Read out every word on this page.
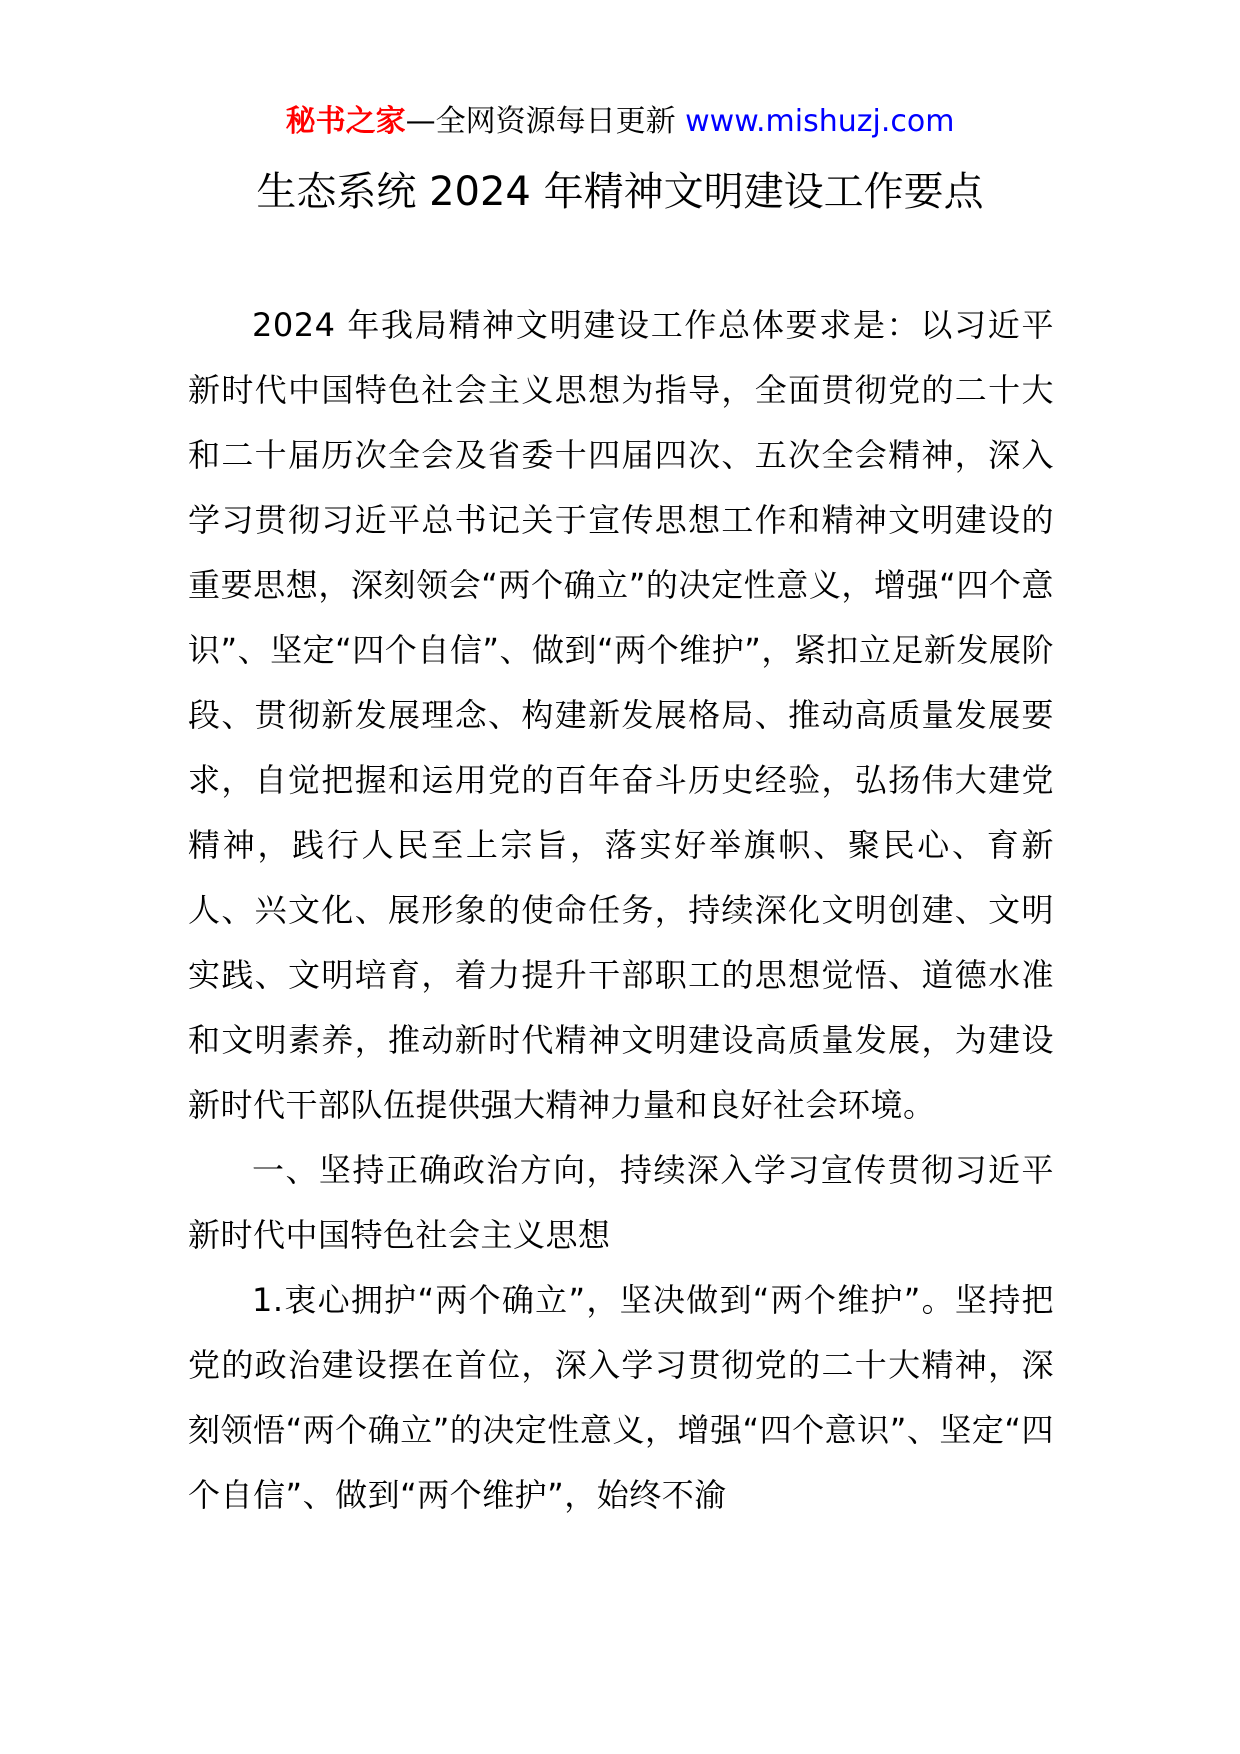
秘书之家—全网资源每日更新 www.mishuzj.com
生态系统 2024 年精神文明建设工作要点

2024 年我局精神文明建设工作总体要求是：以习近平新时代中国特色社会主义思想为指导，全面贯彻党的二十大和二十届历次全会及省委十四届四次、五次全会精神，深入学习贯彻习近平总书记关于宣传思想工作和精神文明建设的重要思想，深刻领会“两个确立”的决定性意义，增强“四个意识”、坚定“四个自信”、做到“两个维护”，紧扣立足新发展阶段、贯彻新发展理念、构建新发展格局、推动高质量发展要求，自觉把握和运用党的百年奋斗历史经验，弘扬伟大建党精神，践行人民至上宗旨，落实好举旗帜、聚民心、育新人、兴文化、展形象的使命任务，持续深化文明创建、文明实践、文明培育，着力提升干部职工的思想觉悟、道德水准和文明素养，推动新时代精神文明建设高质量发展，为建设新时代干部队伍提供强大精神力量和良好社会环境。

一、坚持正确政治方向，持续深入学习宣传贯彻习近平新时代中国特色社会主义思想

1.衷心拥护“两个确立”，坚决做到“两个维护”。坚持把党的政治建设摆在首位，深入学习贯彻党的二十大精神，深刻领悟“两个确立”的决定性意义，增强“四个意识”、坚定“四个自信”、做到“两个维护”，始终不渝
